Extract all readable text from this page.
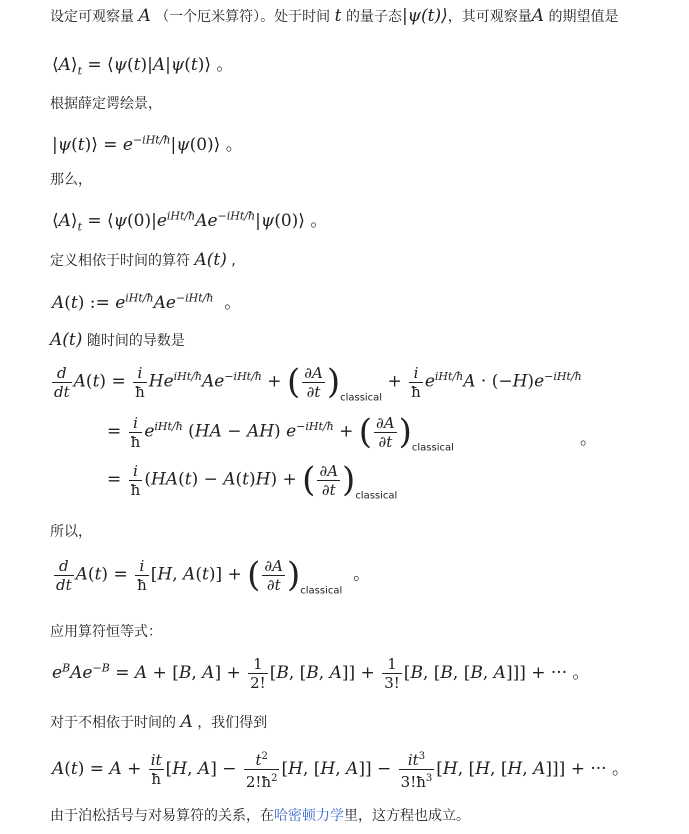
设定可观察量 A （一个厄米算符）。处于时间 t 的量子态|ψ(t)⟩，其可观察量A 的期望值是
$⟨A⟩_t$ = ⟨ψ(t)|A|ψ(t)⟩ 。
根据薛定谔绘景，
|ψ(t)⟩ = $e^{-iHt/ħ}|\psi(0)⟩$ 。
那么，
$⟨A⟩_t$ = $⟨\psi(0)|e^{iHt/ħ}Ae^{-iHt/ħ}|\psi(0)⟩$ 。
定义相依于时间的算符 A(t) ,
A(t) := $e^{iHt/ħ}Ae^{-iHt/ħ}$ 。
A(t) 随时间的导数是
$\frac{d}{dt} A(t) = \frac{i}{ħ} He^{iHt/ħ}Ae^{-iHt/ħ}$ + ( $\frac{\partial A}{\partial t} )_{classical} + \frac{i}{ħ} e^{iHt/ħ}A \cdot (-H)e^{-iHt/ħ}$
= $\frac{i}{ħ} e^{iHt/ħ}$ (HA − AH) $e^{-iHt/ħ}$ + ( $\frac{\partial A}{\partial t} )_{classical}$	。
= $\frac{i}{ħ} (HA(t) - A(t)H)$ + ( $\frac{\partial A}{\partial t} )_{classical}$
所以，
$\frac{d}{dt} A(t) = \frac{i}{ħ} [H$, A(t)] + ( $\frac{\partial A}{\partial t} )_{classical}$  。
应用算符恒等式：
$e^BAe^{-B} = A + [B$, $A] + \frac{1}{2!} [B$, [B, $A]] + \frac{1}{3!} [B$, [B, [B, A]]] + ··· 。
对于不相依于时间的 A ，我们得到
$A(t) = A + \frac{it}{ħ} [H$, $A] - \frac{t^2}{2!ħ^2} [H$, [H, $A]] - \frac{it^3}{3!ħ^3} [H$, [H, [H, A]]] + ··· 。
由于泊松括号与对易算符的关系，在哈密顿力学里，这方程也成立。
